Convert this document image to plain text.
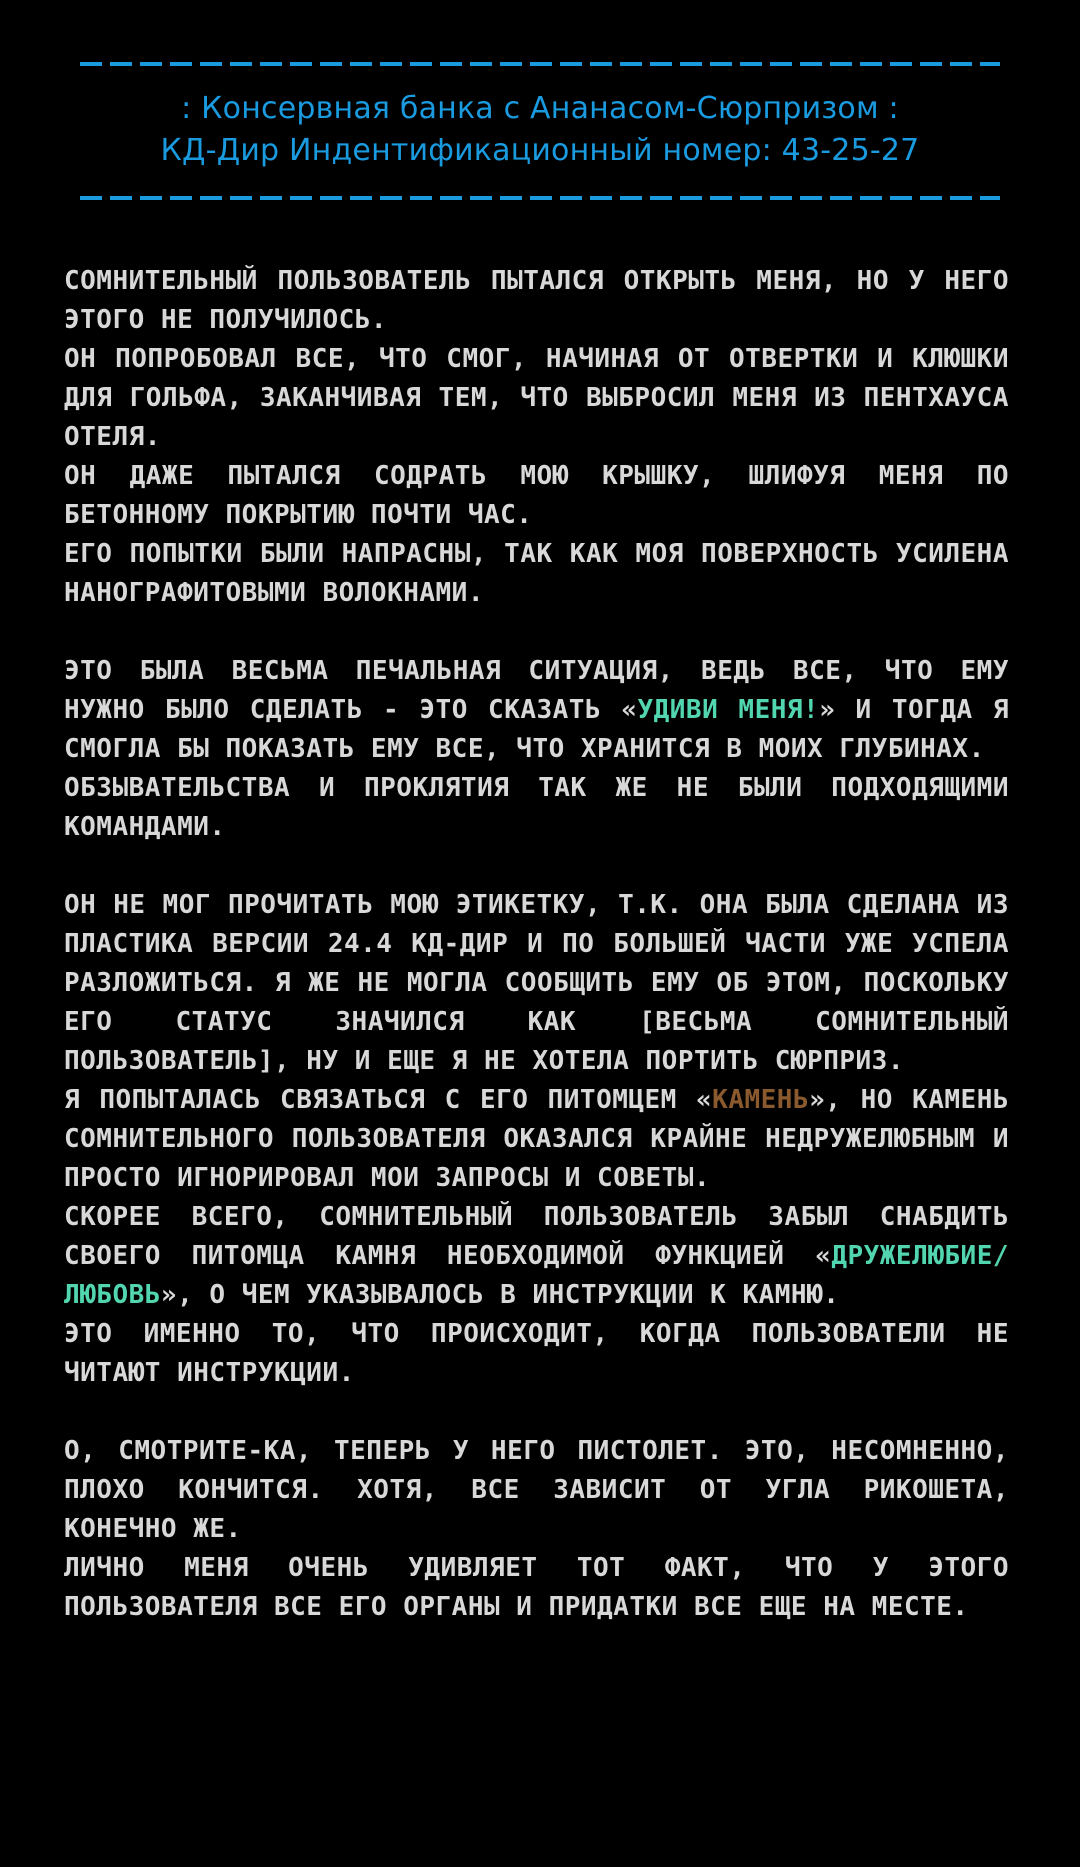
: Консервная банка с Ананасом-Сюрпризом :
КД-Дир Индентификационный номер: 43-25-27
СОМНИТЕЛЬНЫЙ ПОЛЬЗОВАТЕЛЬ ПЫТАЛСЯ ОТКРЫТЬ МЕНЯ, НО У НЕГО ЭТОГО НЕ ПОЛУЧИЛОСЬ.
ОН ПОПРОБОВАЛ ВСЕ, ЧТО СМОГ, НАЧИНАЯ ОТ ОТВЕРТКИ И КЛЮШКИ ДЛЯ ГОЛЬФА, ЗАКАНЧИВАЯ ТЕМ, ЧТО ВЫБРОСИЛ МЕНЯ ИЗ ПЕНТХАУСА ОТЕЛЯ.
ОН ДАЖЕ ПЫТАЛСЯ СОДРАТЬ МОЮ КРЫШКУ, ШЛИФУЯ МЕНЯ ПО БЕТОННОМУ ПОКРЫТИЮ ПОЧТИ ЧАС.
ЕГО ПОПЫТКИ БЫЛИ НАПРАСНЫ, ТАК КАК МОЯ ПОВЕРХНОСТЬ УСИЛЕНА НАНОГРАФИТОВЫМИ ВОЛОКНАМИ.
ЭТО БЫЛА ВЕСЬМА ПЕЧАЛЬНАЯ СИТУАЦИЯ, ВЕДЬ ВСЕ, ЧТО ЕМУ НУЖНО БЫЛО СДЕЛАТЬ - ЭТО СКАЗАТЬ «УДИВИ МЕНЯ!» И ТОГДА Я СМОГЛА БЫ ПОКАЗАТЬ ЕМУ ВСЕ, ЧТО ХРАНИТСЯ В МОИХ ГЛУБИНАХ.
ОБЗЫВАТЕЛЬСТВА И ПРОКЛЯТИЯ ТАК ЖЕ НЕ БЫЛИ ПОДХОДЯЩИМИ КОМАНДАМИ.
ОН НЕ МОГ ПРОЧИТАТЬ МОЮ ЭТИКЕТКУ, Т.К. ОНА БЫЛА СДЕЛАНА ИЗ ПЛАСТИКА ВЕРСИИ 24.4 КД-ДИР И ПО БОЛЬШЕЙ ЧАСТИ УЖЕ УСПЕЛА РАЗЛОЖИТЬСЯ. Я ЖЕ НЕ МОГЛА СООБЩИТЬ ЕМУ ОБ ЭТОМ, ПОСКОЛЬКУ ЕГО СТАТУС ЗНАЧИЛСЯ КАК [ВЕСЬМА СОМНИТЕЛЬНЫЙ ПОЛЬЗОВАТЕЛЬ], НУ И ЕЩЕ Я НЕ ХОТЕЛА ПОРТИТЬ СЮРПРИЗ.
Я ПОПЫТАЛАСЬ СВЯЗАТЬСЯ С ЕГО ПИТОМЦЕМ «КАМЕНЬ», НО КАМЕНЬ СОМНИТЕЛЬНОГО ПОЛЬЗОВАТЕЛЯ ОКАЗАЛСЯ КРАЙНЕ НЕДРУЖЕЛЮБНЫМ И ПРОСТО ИГНОРИРОВАЛ МОИ ЗАПРОСЫ И СОВЕТЫ.
СКОРЕЕ ВСЕГО, СОМНИТЕЛЬНЫЙ ПОЛЬЗОВАТЕЛЬ ЗАБЫЛ СНАБДИТЬ СВОЕГО ПИТОМЦА КАМНЯ НЕОБХОДИМОЙ ФУНКЦИЕЙ «ДРУЖЕЛЮБИЕ/ЛЮБОВЬ», О ЧЕМ УКАЗЫВАЛОСЬ В ИНСТРУКЦИИ К КАМНЮ.
ЭТО ИМЕННО ТО, ЧТО ПРОИСХОДИТ, КОГДА ПОЛЬЗОВАТЕЛИ НЕ ЧИТАЮТ ИНСТРУКЦИИ.
О, СМОТРИТЕ-КА, ТЕПЕРЬ У НЕГО ПИСТОЛЕТ. ЭТО, НЕСОМНЕННО, ПЛОХО КОНЧИТСЯ. ХОТЯ, ВСЕ ЗАВИСИТ ОТ УГЛА РИКОШЕТА, КОНЕЧНО ЖЕ.
ЛИЧНО МЕНЯ ОЧЕНЬ УДИВЛЯЕТ ТОТ ФАКТ, ЧТО У ЭТОГО ПОЛЬЗОВАТЕЛЯ ВСЕ ЕГО ОРГАНЫ И ПРИДАТКИ ВСЕ ЕЩЕ НА МЕСТЕ.
